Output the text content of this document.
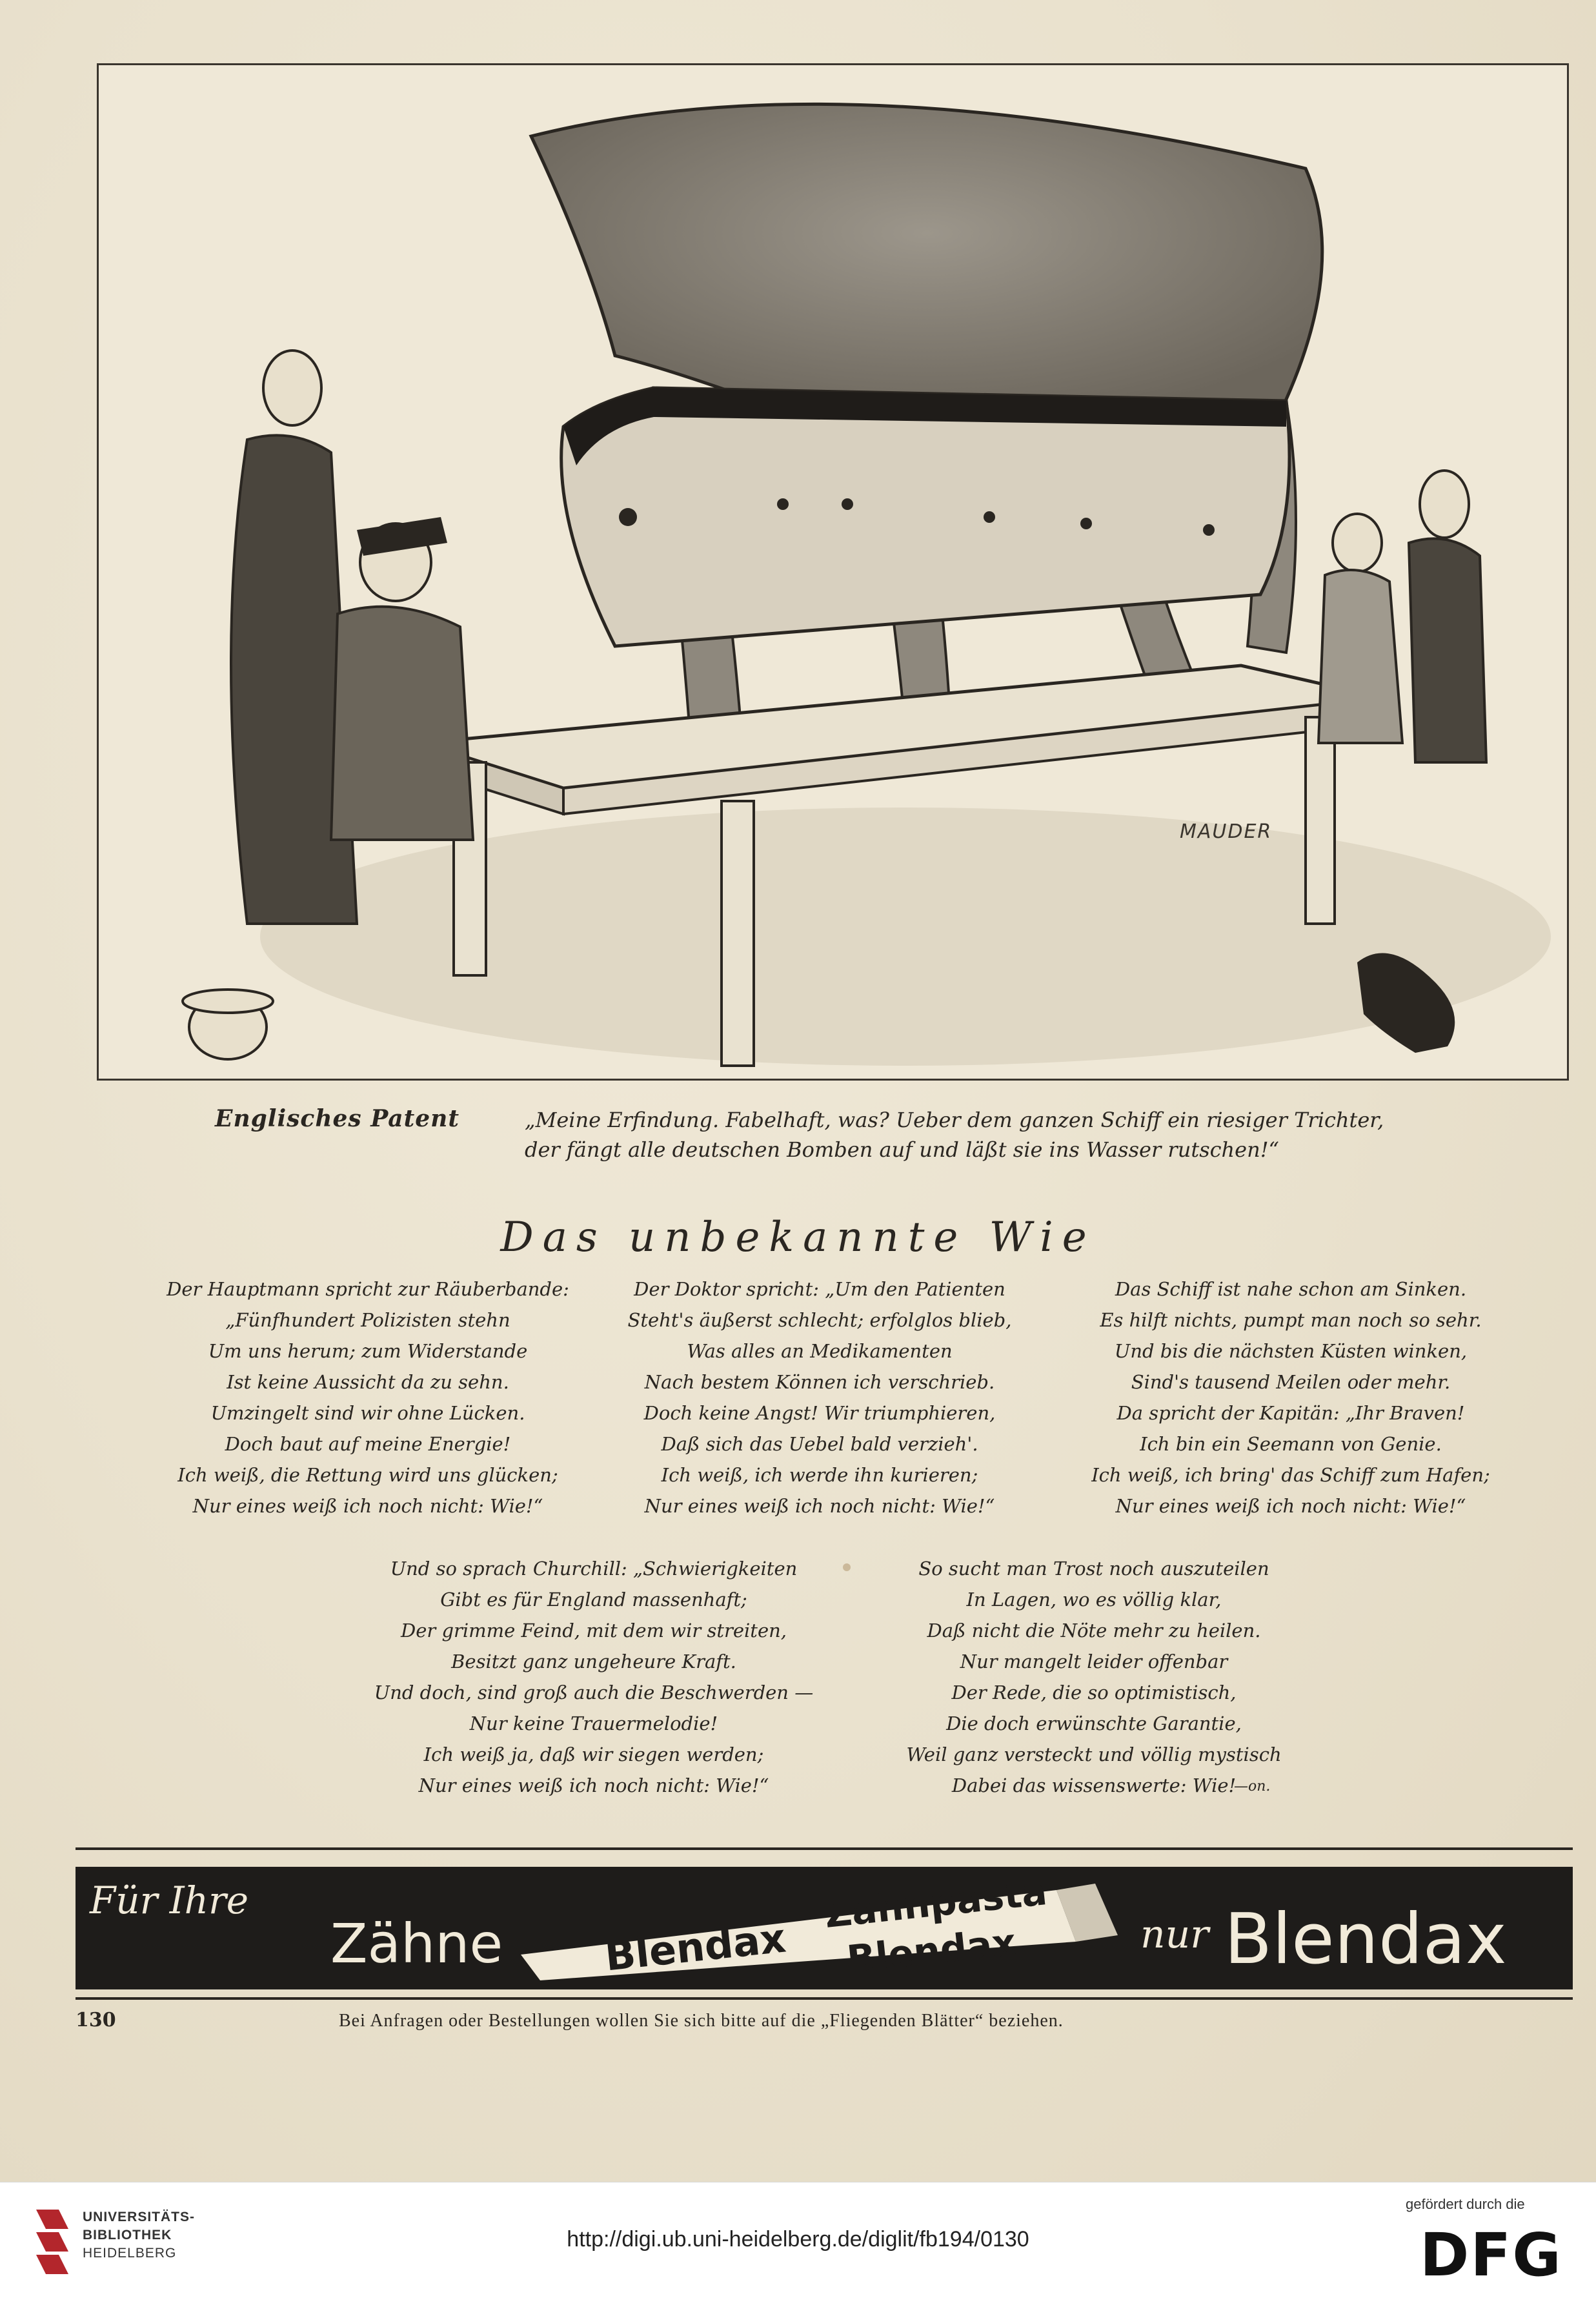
MAUDER
Englisches Patent	„Meine Erfindung. Fabelhaft, was? Ueber dem ganzen Schiff ein riesiger Trichter,
der fängt alle deutschen Bomben auf und läßt sie ins Wasser rutschen!“
Das unbekannte Wie
Der Hauptmann spricht zur Räuberbande:
„Fünfhundert Polizisten stehn
Um uns herum; zum Widerstande
Ist keine Aussicht da zu sehn.
Umzingelt sind wir ohne Lücken.
Doch baut auf meine Energie!
Ich weiß, die Rettung wird uns glücken;
Nur eines weiß ich noch nicht: Wie!“
Der Doktor spricht: „Um den Patienten
Steht's äußerst schlecht; erfolglos blieb,
Was alles an Medikamenten
Nach bestem Können ich verschrieb.
Doch keine Angst! Wir triumphieren,
Daß sich das Uebel bald verzieh'.
Ich weiß, ich werde ihn kurieren;
Nur eines weiß ich noch nicht: Wie!“
Das Schiff ist nahe schon am Sinken.
Es hilft nichts, pumpt man noch so sehr.
Und bis die nächsten Küsten winken,
Sind's tausend Meilen oder mehr.
Da spricht der Kapitän: „Ihr Braven!
Ich bin ein Seemann von Genie.
Ich weiß, ich bring' das Schiff zum Hafen;
Nur eines weiß ich noch nicht: Wie!“
Und so sprach Churchill: „Schwierigkeiten
Gibt es für England massenhaft;
Der grimme Feind, mit dem wir streiten,
Besitzt ganz ungeheure Kraft.
Und doch, sind groß auch die Beschwerden —
Nur keine Trauermelodie!
Ich weiß ja, daß wir siegen werden;
Nur eines weiß ich noch nicht: Wie!“
So sucht man Trost noch auszuteilen
In Lagen, wo es völlig klar,
Daß nicht die Nöte mehr zu heilen.
Nur mangelt leider offenbar
Der Rede, die so optimistisch,
Die doch erwünschte Garantie,
Weil ganz versteckt und völlig mystisch
Dabei das wissenswerte: Wie!
—on.
Für Ihre
Zähne Blendax
Zahnpasta
Blendax	nur Blendax
130	Bei Anfragen oder Bestellungen wollen Sie sich bitte auf die „Fliegenden Blätter“ beziehen.
UNIVERSITÄTS-
BIBLIOTHEK
HEIDELBERG
http://digi.ub.uni-heidelberg.de/diglit/fb194/0130
gefördert durch die
DFG
